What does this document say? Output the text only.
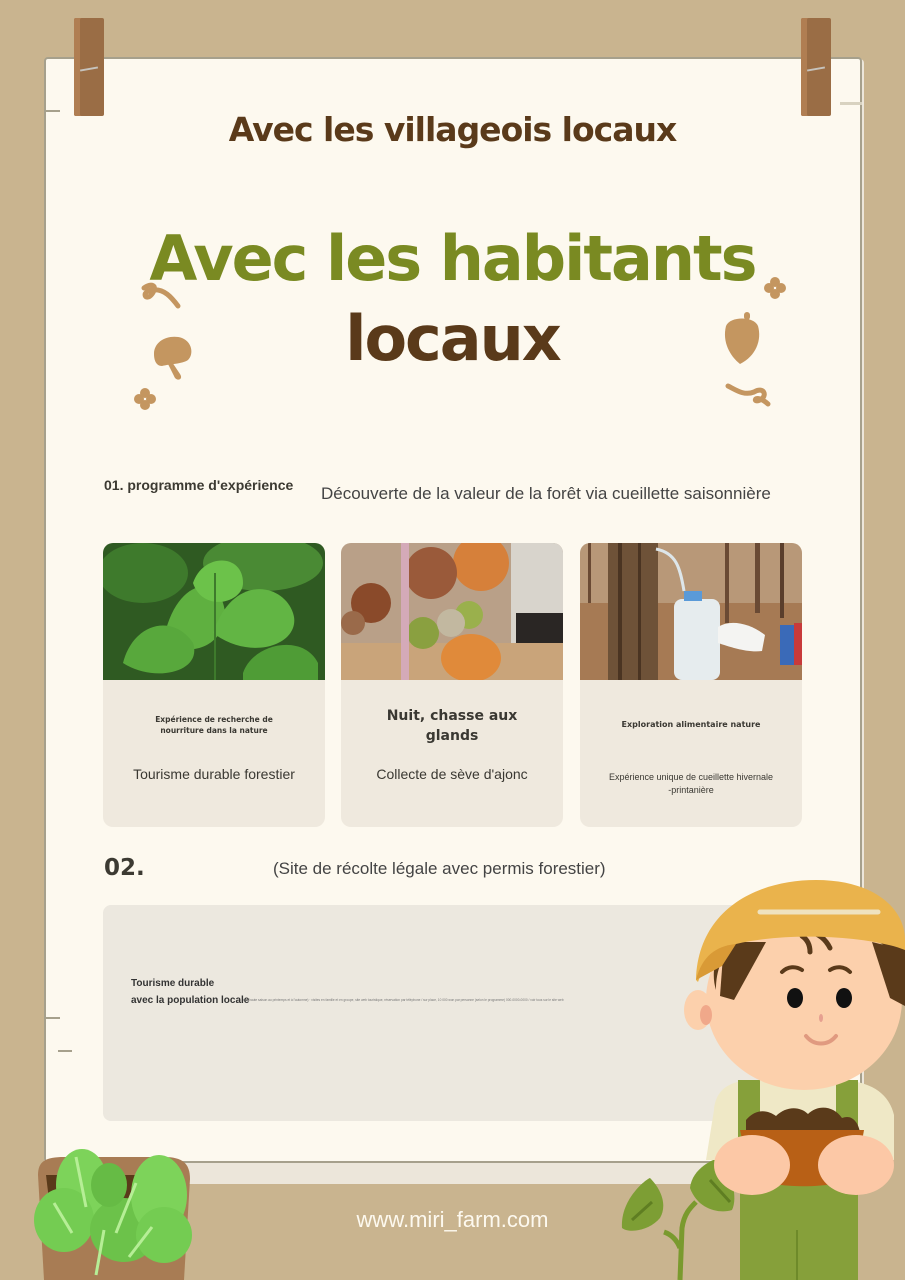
Avec les villageois locaux
Avec les habitants
locaux
01. programme d'expérience Découverte de la valeur de la forêt via cueillette saisonnière
Expérience de recherche de nourriture dans la nature
Tourisme durable forestier
Nuit, chasse aux glands
Collecte de sève d'ajonc
Exploration alimentaire nature
Expérience unique de cueillette hivernale -printanière
02.	(Site de récolte légale avec permis forestier)
Tourisme durable
avec la population locale
ex. (haute saison au printemps et à l'automne) · visites en famille et en groupe, site web touristique, réservation par téléphone / sur place, 10 000 won par personne (selon le programme) 000-0000-0000 / voir tous sur le site web
www.miri_farm.com
